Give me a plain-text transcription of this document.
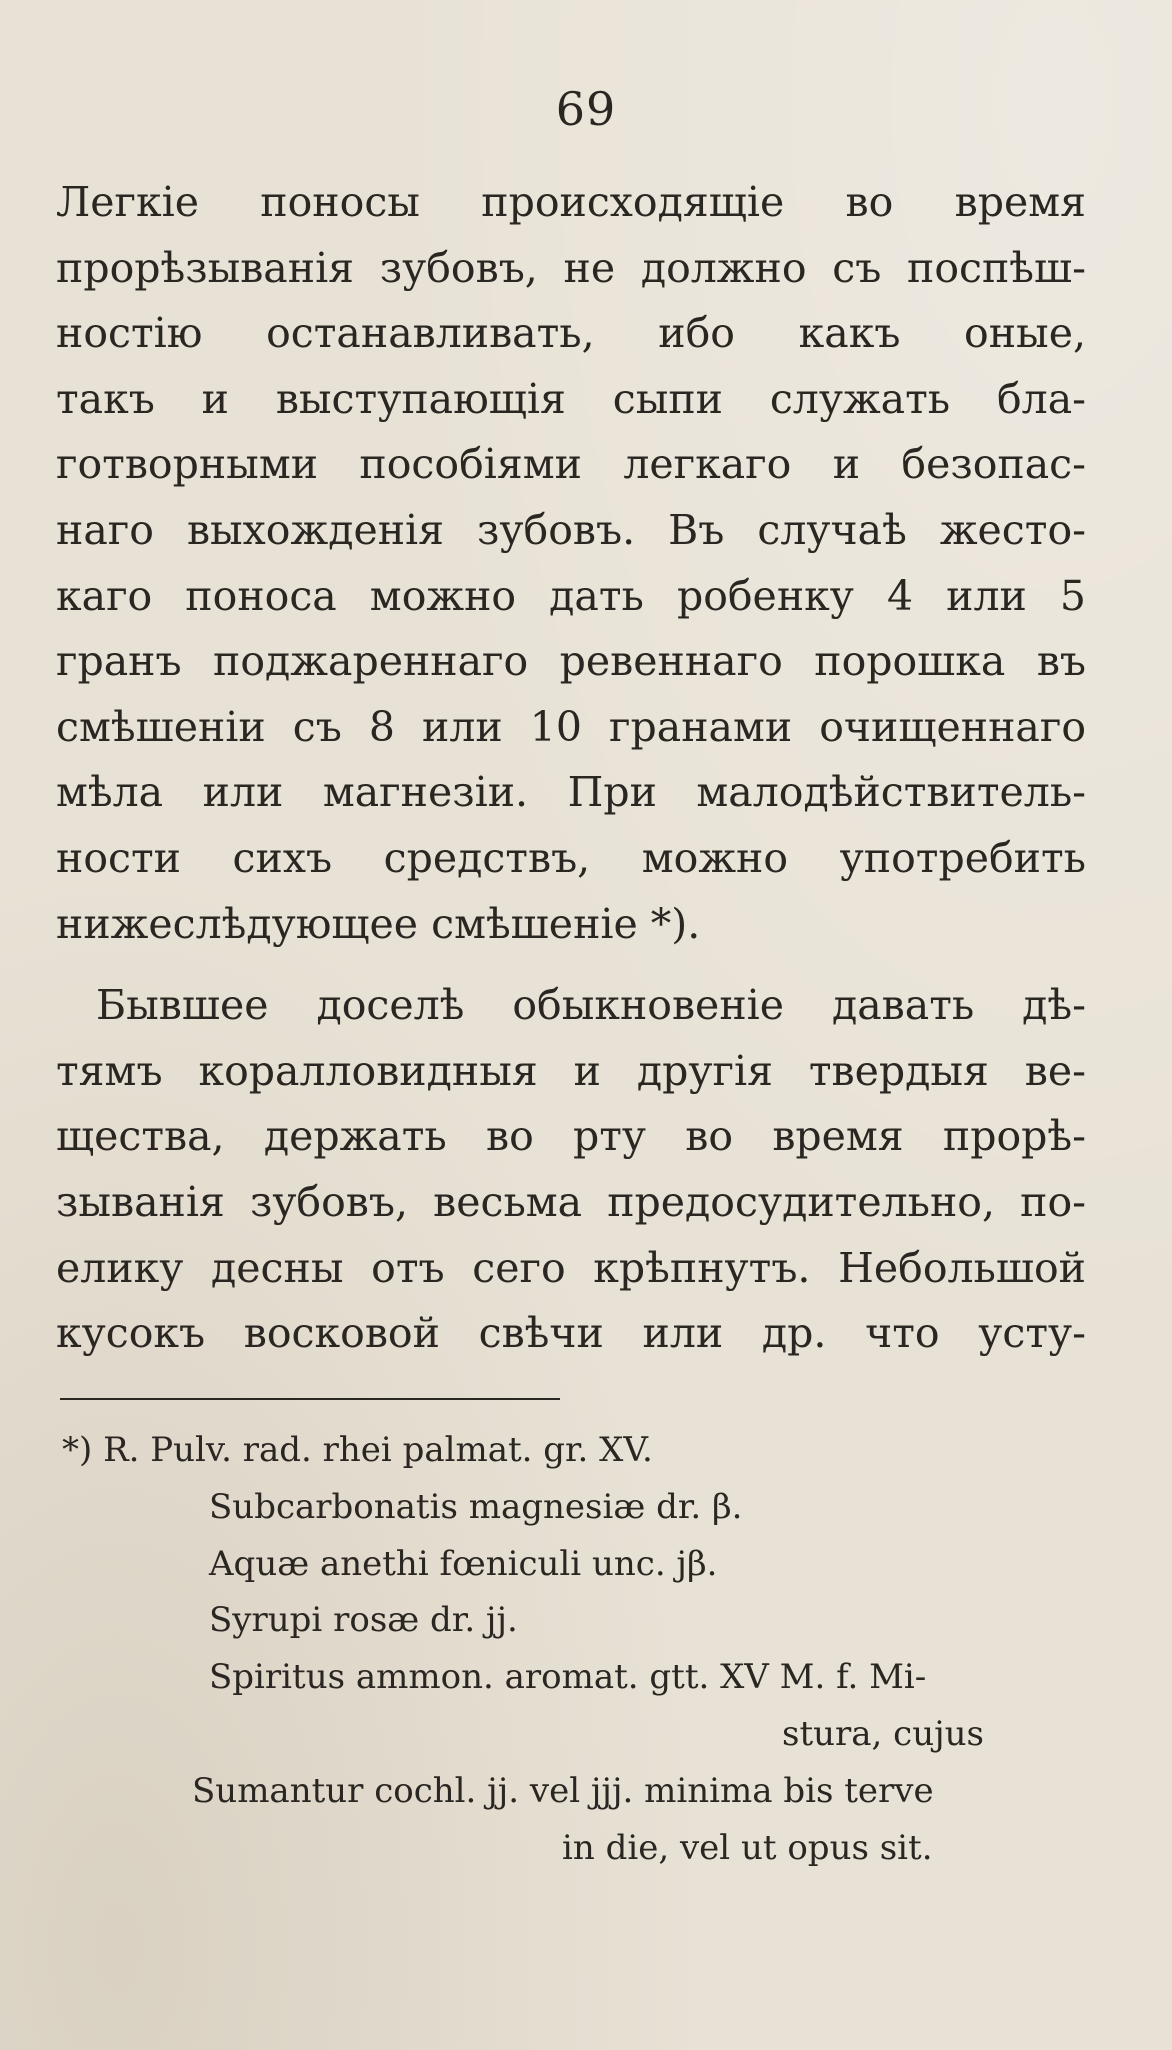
69
Легкіе поносы происходящіе во время
прорѣзыванія зубовъ, не должно съ поспѣш-
ностію останавливать, ибо какъ оные,
такъ и выступающія сыпи служать бла-
готворными пособіями легкаго и безопас-
наго выхожденія зубовъ. Въ случаѣ жесто-
каго поноса можно дать робенку 4 или 5
гранъ поджареннаго ревеннаго порошка въ
смѣшеніи съ 8 или 10 гранами очищеннаго
мѣла или магнезіи. При малодѣйствитель-
ности сихъ средствъ, можно употребить
нижеслѣдующее смѣшеніе *).
Бывшее доселѣ обыкновеніе давать дѣ-
тямъ коралловидныя и другія твердыя ве-
щества, держать во рту во время прорѣ-
зыванія зубовъ, весьма предосудительно, по-
елику десны отъ сего крѣпнутъ. Небольшой
кусокъ восковой свѣчи или др. что усту-
*) R. Pulv. rad. rhei palmat. gr. XV.
Subcarbonatis magnesiæ dr. β.
Aquæ anethi fœniculi unc. jβ.
Syrupi rosæ dr. jj.
Spiritus ammon. aromat. gtt. XV M. f. Mi-
stura, cujus
Sumantur cochl. jj. vel jjj. minima bis terve
in die, vel ut opus sit.
